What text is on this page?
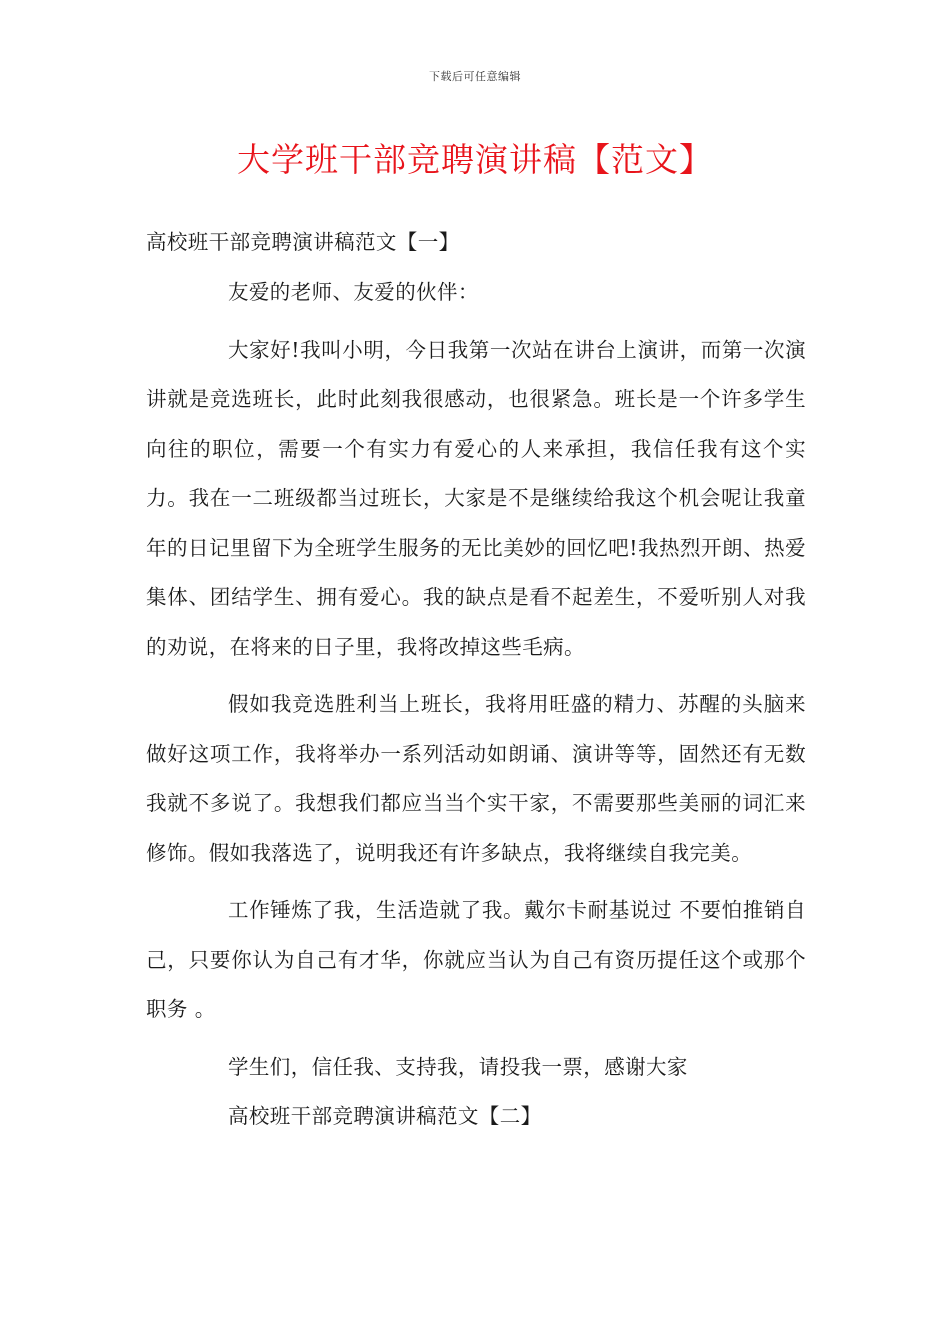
下载后可任意编辑
大学班干部竞聘演讲稿【范文】
高校班干部竞聘演讲稿范文【一】

友爱的老师、友爱的伙伴：

大家好!我叫小明，今日我第一次站在讲台上演讲，而第一次演讲就是竞选班长，此时此刻我很感动，也很紧急。班长是一个许多学生向往的职位，需要一个有实力有爱心的人来承担，我信任我有这个实力。我在一二班级都当过班长，大家是不是继续给我这个机会呢让我童年的日记里留下为全班学生服务的无比美妙的回忆吧!我热烈开朗、热爱集体、团结学生、拥有爱心。我的缺点是看不起差生，不爱听别人对我的劝说，在将来的日子里，我将改掉这些毛病。

假如我竞选胜利当上班长，我将用旺盛的精力、苏醒的头脑来做好这项工作，我将举办一系列活动如朗诵、演讲等等，固然还有无数我就不多说了。我想我们都应当当个实干家，不需要那些美丽的词汇来修饰。假如我落选了，说明我还有许多缺点，我将继续自我完美。

工作锤炼了我，生活造就了我。戴尔卡耐基说过 不要怕推销自己，只要你认为自己有才华，你就应当认为自己有资历提任这个或那个职务 。

学生们，信任我、支持我，请投我一票，感谢大家

高校班干部竞聘演讲稿范文【二】
